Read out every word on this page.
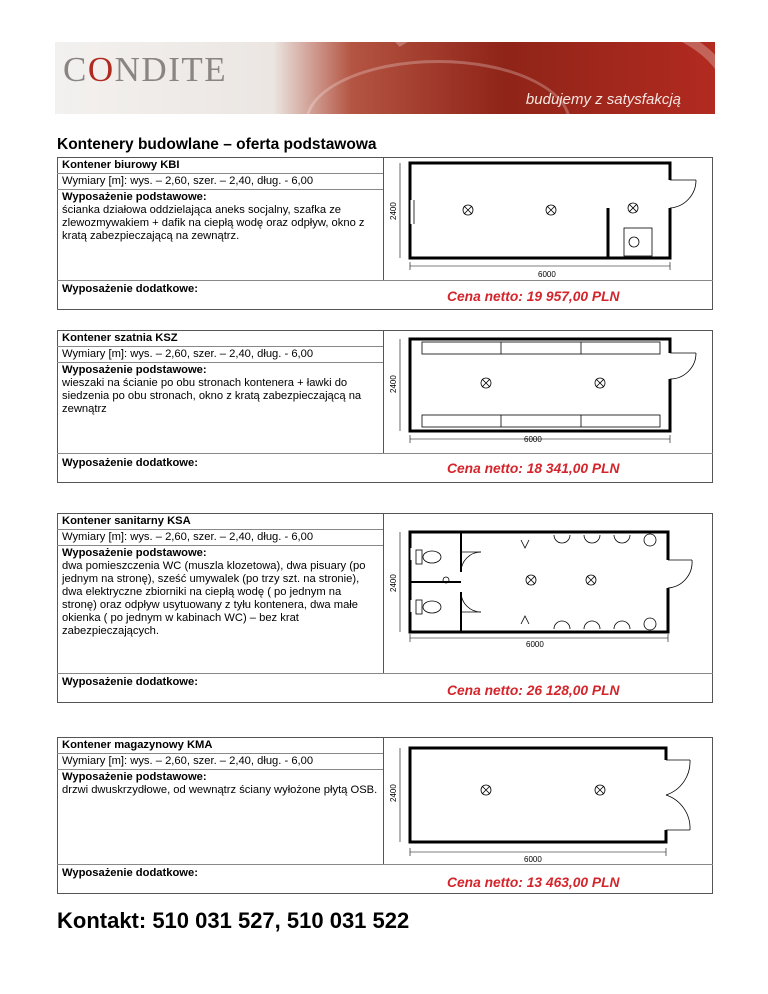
CONDITE
budujemy z satysfakcją
Kontenery budowlane – oferta podstawowa
Kontener biurowy KBI
Wymiary [m]: wys. – 2,60, szer. – 2,40, dług. - 6,00
Wyposażenie podstawowe:
ścianka działowa oddzielająca aneks socjalny, szafka ze zlewozmywakiem + dafik na ciepłą wodę oraz odpływ, okno z kratą zabezpieczającą na zewnątrz.
Wyposażenie dodatkowe:	Cena netto: 19 957,00 PLN
6000
2400
Kontener szatnia KSZ
Wymiary [m]: wys. – 2,60, szer. – 2,40, dług. - 6,00
Wyposażenie podstawowe:
wieszaki na ścianie po obu stronach kontenera + ławki do siedzenia po obu stronach, okno z kratą zabezpieczającą na zewnątrz
Wyposażenie dodatkowe:	Cena netto: 18 341,00 PLN
6000
2400
Kontener sanitarny KSA
Wymiary [m]: wys. – 2,60, szer. – 2,40, dług. - 6,00
Wyposażenie podstawowe:
dwa pomieszczenia WC (muszla klozetowa), dwa pisuary (po jednym na stronę), sześć umywalek (po trzy szt. na stronie), dwa elektryczne zbiorniki na ciepłą wodę ( po jednym na stronę) oraz odpływ usytuowany z tyłu kontenera, dwa małe okienka ( po jednym w kabinach WC) – bez krat zabezpieczających.
Wyposażenie dodatkowe:
Cena netto: 26 128,00 PLN
6000
2400
Kontener magazynowy KMA
Wymiary [m]: wys. – 2,60, szer. – 2,40, dług. - 6,00
Wyposażenie podstawowe:
drzwi dwuskrzydłowe, od wewnątrz ściany wyłożone płytą OSB.
Wyposażenie dodatkowe:
Cena netto: 13 463,00 PLN
6000
2400
Kontakt: 510 031 527, 510 031 522
